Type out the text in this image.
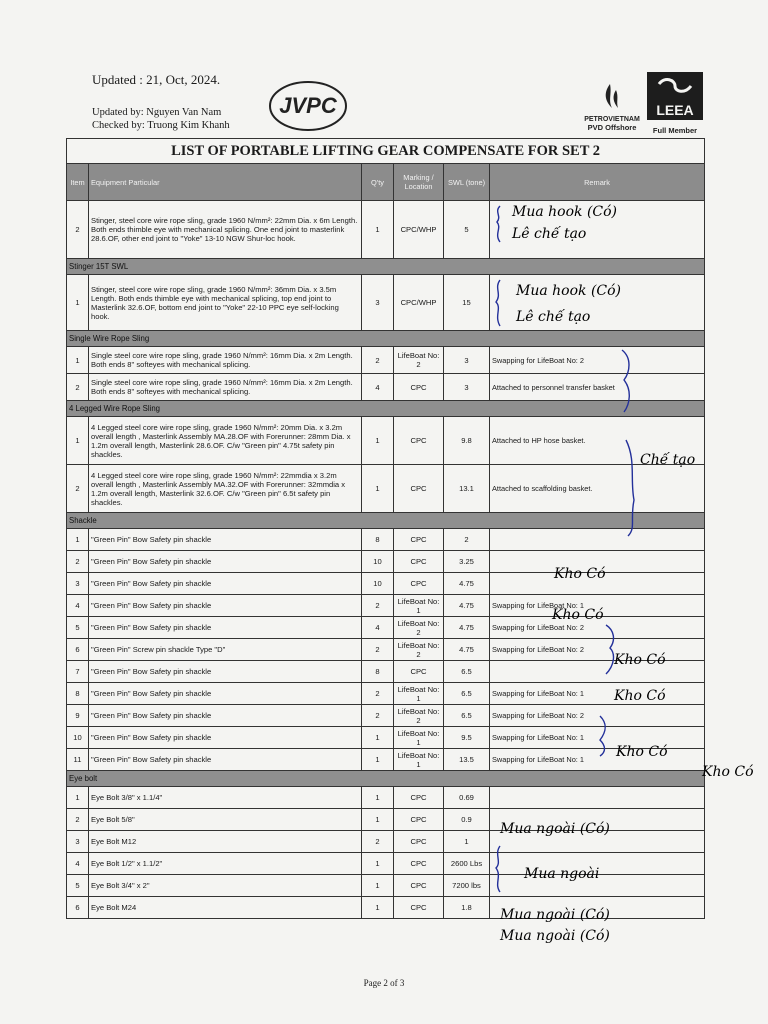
Updated : 21, Oct, 2024.
Updated by: Nguyen Van Nam
Checked by: Truong Kim Khanh
JVPC
PETROVIETNAM
PVD Offshore
LEEA
Full Member
LIST OF PORTABLE LIFTING GEAR COMPENSATE FOR SET 2					
Item	Equipment Particular	Q'ty	Marking / Location	SWL (tone)	Remark
2	Stinger, steel core wire rope sling, grade 1960 N/mm²: 22mm Dia. x 6m Length. Both ends thimble eye with mechanical splicing. One end joint to masterlink 28.6.OF, other end joint to "Yoke" 13-10 NGW Shur-loc hook.	1	CPC/WHP	5	
Stinger 15T SWL					
1	Stinger, steel core wire rope sling, grade 1960 N/mm²: 36mm Dia. x 3.5m Length. Both ends thimble eye with mechanical splicing, top end joint to Masterlink 32.6.OF, bottom end joint to "Yoke" 22-10 PPC eye self-locking hook.	3	CPC/WHP	15	
Single Wire Rope Sling					
1	Single steel core wire rope sling, grade 1960 N/mm²: 16mm Dia. x 2m Length. Both ends 8" softeyes with mechanical splicing.	2	LifeBoat No: 2	3	Swapping for LifeBoat No: 2
2	Single steel core wire rope sling, grade 1960 N/mm²: 16mm Dia. x 2m Length. Both ends 8" softeyes with mechanical splicing.	4	CPC	3	Attached to personnel transfer basket
4 Legged Wire Rope Sling					
1	4 Legged steel core wire rope sling, grade 1960 N/mm²: 20mm Dia. x 3.2m overall length , Masterlink Assembly MA.28.OF with Forerunner: 28mm Dia. x 1.2m overall length, Masterlink 28.6.OF. C/w "Green pin" 4.75t safety pin shackles.	1	CPC	9.8	Attached to HP hose basket.
2	4 Legged steel core wire rope sling, grade 1960 N/mm²: 22mmdia x 3.2m overall length , Masterlink Assembly MA.32.OF with Forerunner: 32mmdia x 1.2m overall length, Masterlink 32.6.OF. C/w "Green pin" 6.5t safety pin shackles.	1	CPC	13.1	Attached to scaffolding basket.
Shackle					
1	"Green Pin" Bow Safety pin shackle	8	CPC	2	
2	"Green Pin" Bow Safety pin shackle	10	CPC	3.25	
3	"Green Pin" Bow Safety pin shackle	10	CPC	4.75	
4	"Green Pin" Bow Safety pin shackle	2	LifeBoat No: 1	4.75	Swapping for LifeBoat No: 1
5	"Green Pin" Bow Safety pin shackle	4	LifeBoat No: 2	4.75	Swapping for LifeBoat No: 2
6	"Green Pin" Screw pin shackle Type "D"	2	LifeBoat No: 2	4.75	Swapping for LifeBoat No: 2
7	"Green Pin" Bow Safety pin shackle	8	CPC	6.5	
8	"Green Pin" Bow Safety pin shackle	2	LifeBoat No: 1	6.5	Swapping for LifeBoat No: 1
9	"Green Pin" Bow Safety pin shackle	2	LifeBoat No: 2	6.5	Swapping for LifeBoat No: 2
10	"Green Pin" Bow Safety pin shackle	1	LifeBoat No: 1	9.5	Swapping for LifeBoat No: 1
11	"Green Pin" Bow Safety pin shackle	1	LifeBoat No: 1	13.5	Swapping for LifeBoat No: 1
Eye bolt					
1	Eye Bolt 3/8" x 1.1/4"	1	CPC	0.69	
2	Eye Bolt 5/8"	1	CPC	0.9	
3	Eye Bolt M12	2	CPC	1	
4	Eye Bolt 1/2" x 1.1/2"	1	CPC	2600 Lbs	
5	Eye Bolt 3/4" x 2"	1	CPC	7200 lbs	
6	Eye Bolt M24	1	CPC	1.8	
Mua hook (Có)
Lê chế tạo
Mua hook (Có)
Lê chế tạo
Chế tạo
Kho Có
Kho Có
Kho Có
Kho Có
Kho Có
Kho Có
Mua ngoài (Có)
Mua ngoài
Mua ngoài (Có)
Mua ngoài (Có)
Page 2 of 3
